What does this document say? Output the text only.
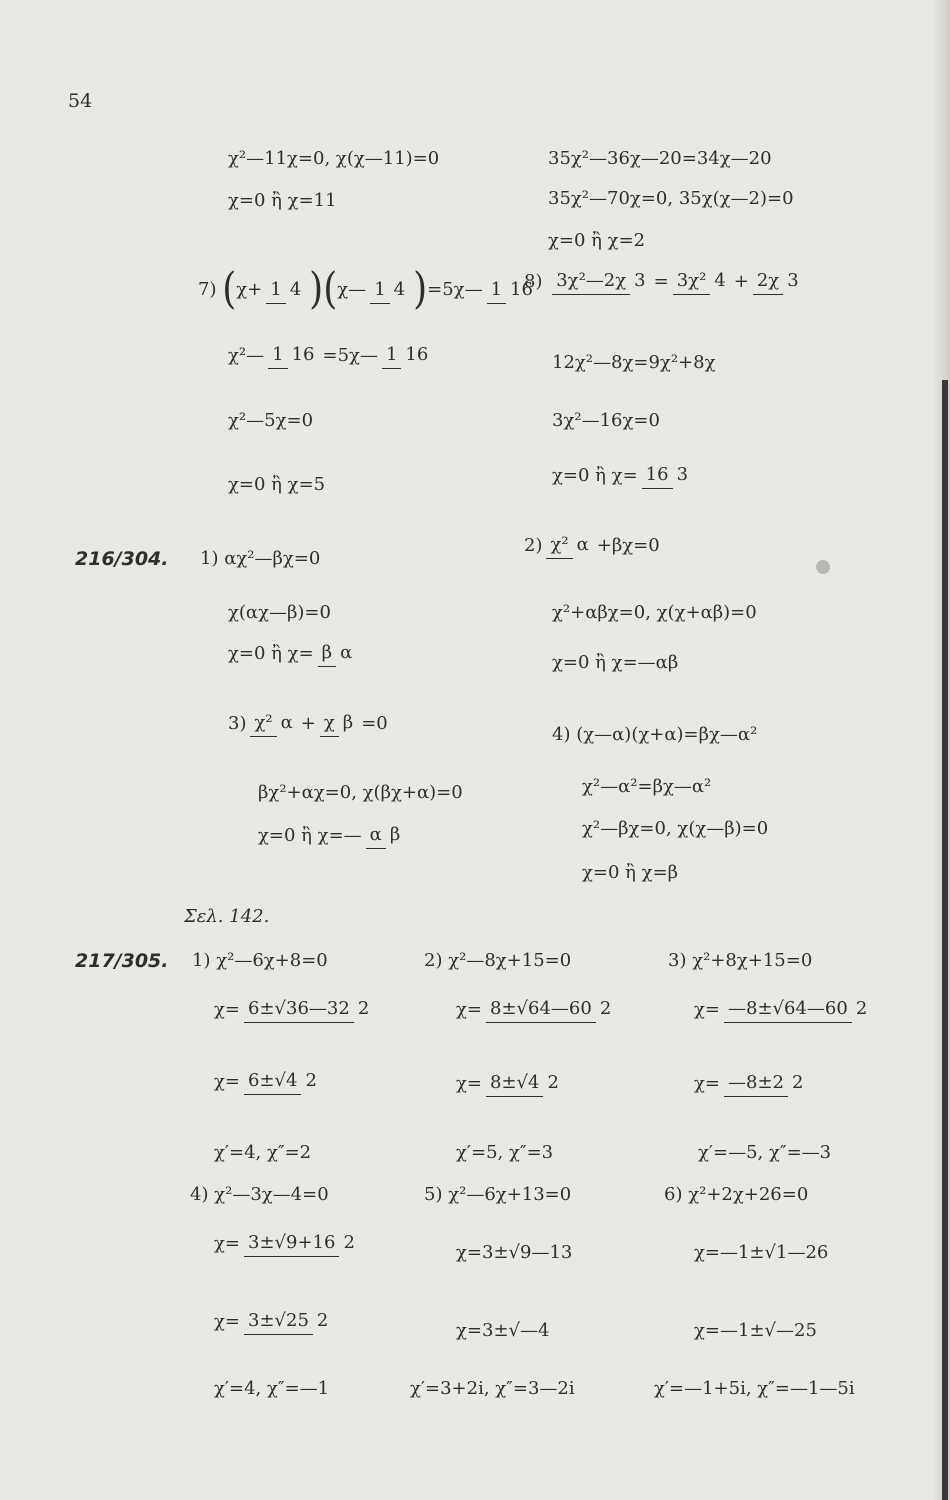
54
χ²—11χ=0, χ(χ—11)=0
χ=0 ἢ χ=11
35χ²—36χ—20=34χ—20
35χ²—70χ=0, 35χ(χ—2)=0
χ=0 ἢ χ=2
7) (χ+ 1 4 )(χ— 1 4 )=5χ— 1 16
χ²— 1 16 =5χ— 1 16
χ²—5χ=0
χ=0 ἢ χ=5
8) 3χ²—2χ 3 = 3χ² 4 + 2χ 3
12χ²—8χ=9χ²+8χ
3χ²—16χ=0
χ=0 ἢ χ= 16 3
216/304. 1) αχ²—βχ=0
χ(αχ—β)=0
χ=0 ἢ χ= β α
2) χ² α +βχ=0
χ²+αβχ=0, χ(χ+αβ)=0
χ=0 ἢ χ=—αβ
3) χ² α + χ β =0
βχ²+αχ=0, χ(βχ+α)=0
χ=0 ἢ χ=— α β
4) (χ—α)(χ+α)=βχ—α²
χ²—α²=βχ—α²
χ²—βχ=0, χ(χ—β)=0
χ=0 ἢ χ=β
Σελ. 142.
217/305. 1) χ²—6χ+8=0
χ= 6±√36—32 2
χ= 6±√4 2
χ′=4, χ″=2
2) χ²—8χ+15=0
χ= 8±√64—60 2
χ= 8±√4 2
χ′=5, χ″=3
3) χ²+8χ+15=0
χ= —8±√64—60 2
χ= —8±2 2
χ′=—5, χ″=—3
4) χ²—3χ—4=0
χ= 3±√9+16 2
χ= 3±√25 2
χ′=4, χ″=—1
5) χ²—6χ+13=0
χ=3±√9—13
χ=3±√—4
χ′=3+2i, χ″=3—2i
6) χ²+2χ+26=0
χ=—1±√1—26
χ=—1±√—25
χ′=—1+5i, χ″=—1—5i
